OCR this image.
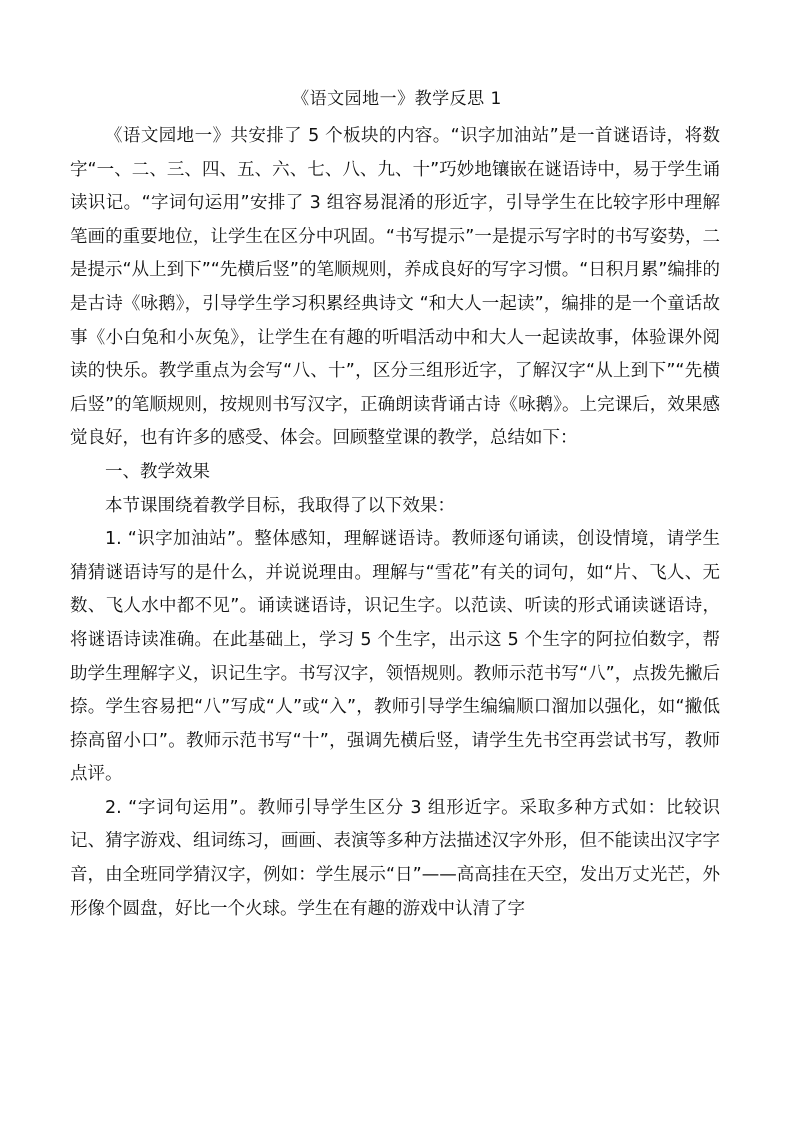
《语文园地一》教学反思 1

《语文园地一》共安排了 5 个板块的内容。“识字加油站”是一首谜语诗，将数字“一、二、三、四、五、六、七、八、九、十”巧妙地镶嵌在谜语诗中，易于学生诵读识记。“字词句运用”安排了 3 组容易混淆的形近字，引导学生在比较字形中理解笔画的重要地位，让学生在区分中巩固。“书写提示”一是提示写字时的书写姿势，二是提示“从上到下”“先横后竖”的笔顺规则，养成良好的写字习惯。“日积月累”编排的是古诗《咏鹅》，引导学生学习积累经典诗文 “和大人一起读”，编排的是一个童话故事《小白兔和小灰兔》，让学生在有趣的听唱活动中和大人一起读故事，体验课外阅读的快乐。教学重点为会写“八、十”，区分三组形近字，了解汉字“从上到下”“先横后竖”的笔顺规则，按规则书写汉字，正确朗读背诵古诗《咏鹅》。上完课后，效果感觉良好，也有许多的感受、体会。回顾整堂课的教学，总结如下：

一、教学效果

本节课围绕着教学目标，我取得了以下效果：

1. “识字加油站”。整体感知，理解谜语诗。教师逐句诵读，创设情境，请学生猜猜谜语诗写的是什么，并说说理由。理解与“雪花”有关的词句，如“片、飞人、无数、飞人水中都不见”。诵读谜语诗，识记生字。以范读、听读的形式诵读谜语诗，将谜语诗读准确。在此基础上，学习 5 个生字，出示这 5 个生字的阿拉伯数字，帮助学生理解字义，识记生字。书写汉字，领悟规则。教师示范书写“八”，点拨先撇后捺。学生容易把“八”写成“人”或“入”，教师引导学生编编顺口溜加以强化，如“撇低捺高留小口”。教师示范书写“十”，强调先横后竖，请学生先书空再尝试书写，教师点评。

2. “字词句运用”。教师引导学生区分 3 组形近字。采取多种方式如：比较识记、猜字游戏、组词练习，画画、表演等多种方法描述汉字外形，但不能读出汉字字音，由全班同学猜汉字，例如：学生展示“日”——高高挂在天空，发出万丈光芒，外形像个圆盘，好比一个火球。学生在有趣的游戏中认清了字
